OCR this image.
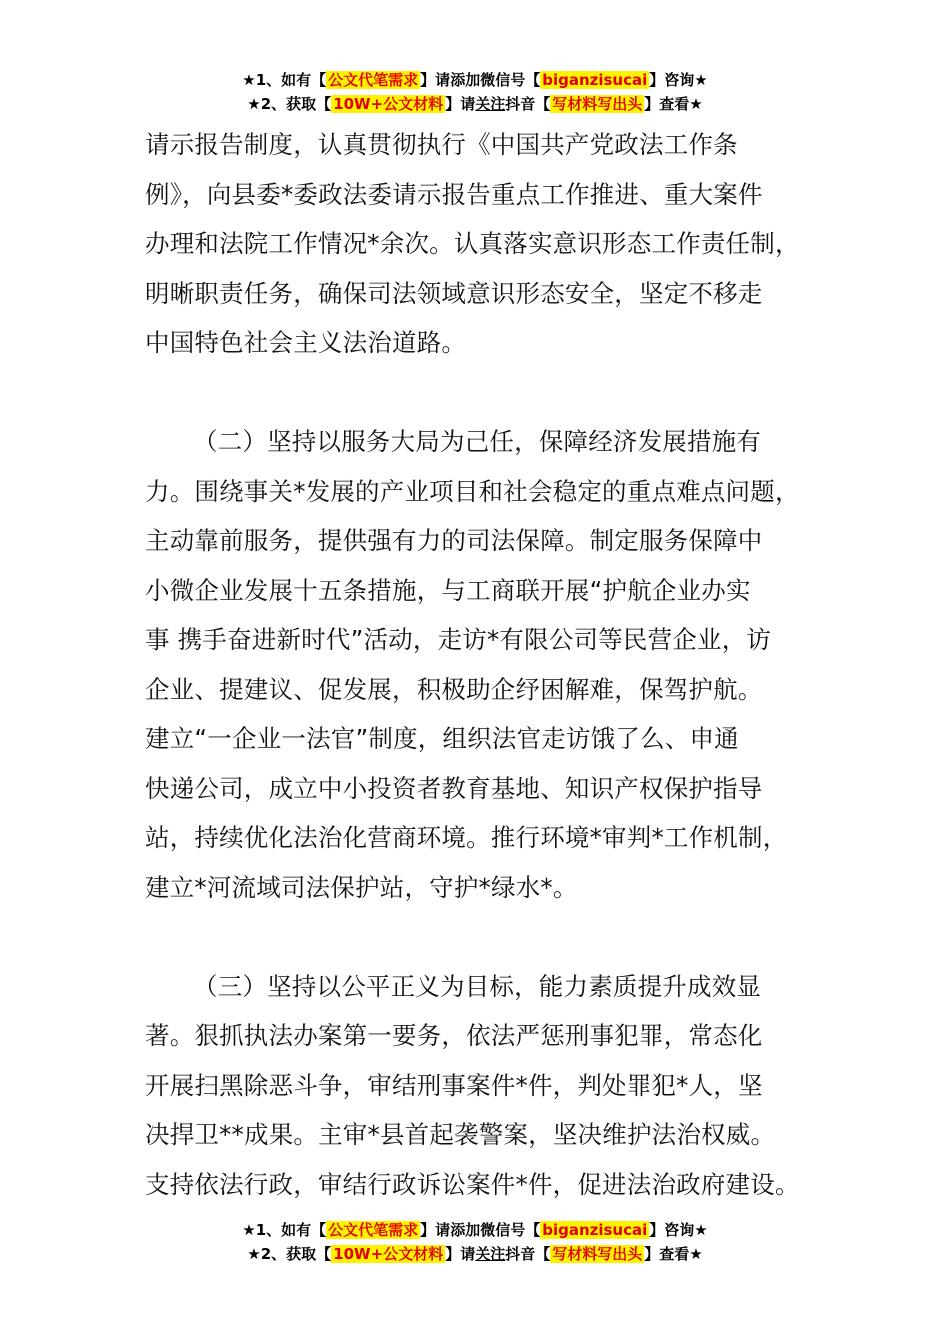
★1、如有【 公文代笔需求 】请添加微信号【 biganzisucai 】咨询★
★2、获取【 10W+公文材料 】请关注抖音【 写材料写出头 】查看★

请示报告制度，认真贯彻执行《中国共产党政法工作条

例》，向县委*委政法委请示报告重点工作推进、重大案件

办理和法院工作情况*余次。认真落实意识形态工作责任制，

明晰职责任务，确保司法领域意识形态安全，坚定不移走

中国特色社会主义法治道路。

（二）坚持以服务大局为己任，保障经济发展措施有

力。围绕事关*发展的产业项目和社会稳定的重点难点问题，

主动靠前服务，提供强有力的司法保障。制定服务保障中

小微企业发展十五条措施，与工商联开展“护航企业办实

事 携手奋进新时代”活动，走访*有限公司等民营企业，访

企业、提建议、促发展，积极助企纾困解难，保驾护航。

建立“一企业一法官”制度，组织法官走访饿了么、申通

快递公司，成立中小投资者教育基地、知识产权保护指导

站，持续优化法治化营商环境。推行环境*审判*工作机制，

建立*河流域司法保护站，守护*绿水*。

（三）坚持以公平正义为目标，能力素质提升成效显

著。狠抓执法办案第一要务，依法严惩刑事犯罪，常态化

开展扫黑除恶斗争，审结刑事案件*件，判处罪犯*人，坚

决捍卫**成果。主审*县首起袭警案，坚决维护法治权威。

支持依法行政，审结行政诉讼案件*件，促进法治政府建设。

★1、如有【 公文代笔需求 】请添加微信号【 biganzisucai 】咨询★
★2、获取【 10W+公文材料 】请关注抖音【 写材料写出头 】查看★
